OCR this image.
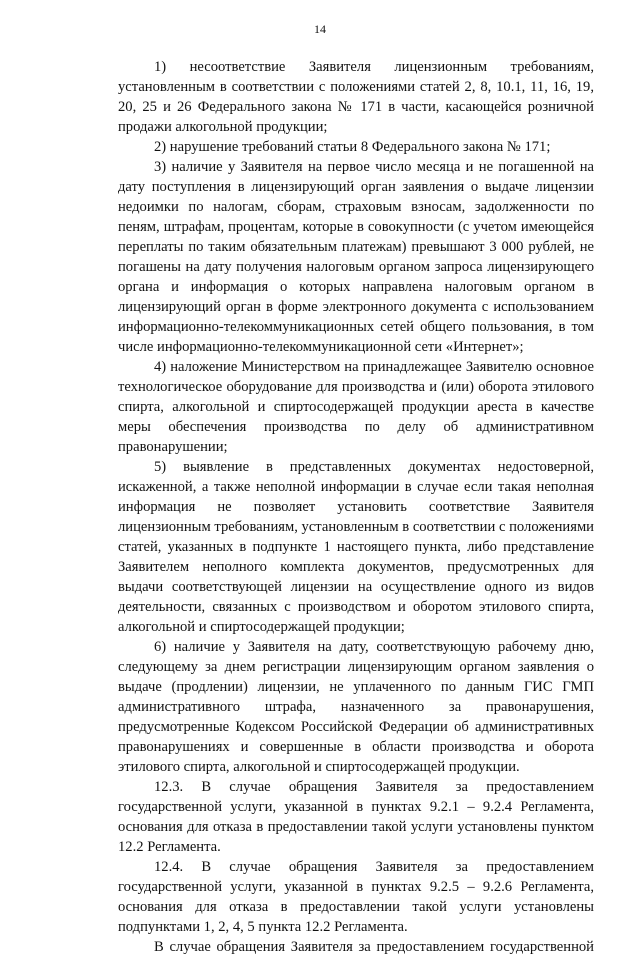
14

1) несоответствие Заявителя лицензионным требованиям, установленным в соответствии с положениями статей 2, 8, 10.1, 11, 16, 19, 20, 25 и 26 Федерального закона № 171 в части, касающейся розничной продажи алкогольной продукции;

2) нарушение требований статьи 8 Федерального закона № 171;

3) наличие у Заявителя на первое число месяца и не погашенной на дату поступления в лицензирующий орган заявления о выдаче лицензии недоимки по налогам, сборам, страховым взносам, задолженности по пеням, штрафам, процентам, которые в совокупности (с учетом имеющейся переплаты по таким обязательным платежам) превышают 3 000 рублей, не погашены на дату получения налоговым органом запроса лицензирующего органа и информация о которых направлена налоговым органом в лицензирующий орган в форме электронного документа с использованием информационно-телекоммуникационных сетей общего пользования, в том числе информационно-телекоммуникационной сети «Интернет»;

4) наложение Министерством на принадлежащее Заявителю основное технологическое оборудование для производства и (или) оборота этилового спирта, алкогольной и спиртосодержащей продукции ареста в качестве меры обеспечения производства по делу об административном правонарушении;

5) выявление в представленных документах недостоверной, искаженной, а также неполной информации в случае если такая неполная информация не позволяет установить соответствие Заявителя лицензионным требованиям, установленным в соответствии с положениями статей, указанных в подпункте 1 настоящего пункта, либо представление Заявителем неполного комплекта документов, предусмотренных для выдачи соответствующей лицензии на осуществление одного из видов деятельности, связанных с производством и оборотом этилового спирта, алкогольной и спиртосодержащей продукции;

6) наличие у Заявителя на дату, соответствующую рабочему дню, следующему за днем регистрации лицензирующим органом заявления о выдаче (продлении) лицензии, не уплаченного по данным ГИС ГМП административного штрафа, назначенного за правонарушения, предусмотренные Кодексом Российской Федерации об административных правонарушениях и совершенные в области производства и оборота этилового спирта, алкогольной и спиртосодержащей продукции.

12.3. В случае обращения Заявителя за предоставлением государственной услуги, указанной в пунктах 9.2.1 – 9.2.4 Регламента, основания для отказа в предоставлении такой услуги установлены пунктом 12.2 Регламента.

12.4. В случае обращения Заявителя за предоставлением государственной услуги, указанной в пунктах 9.2.5 – 9.2.6 Регламента, основания для отказа в предоставлении такой услуги установлены подпунктами 1, 2, 4, 5 пункта 12.2 Регламента.

В случае обращения Заявителя за предоставлением государственной
